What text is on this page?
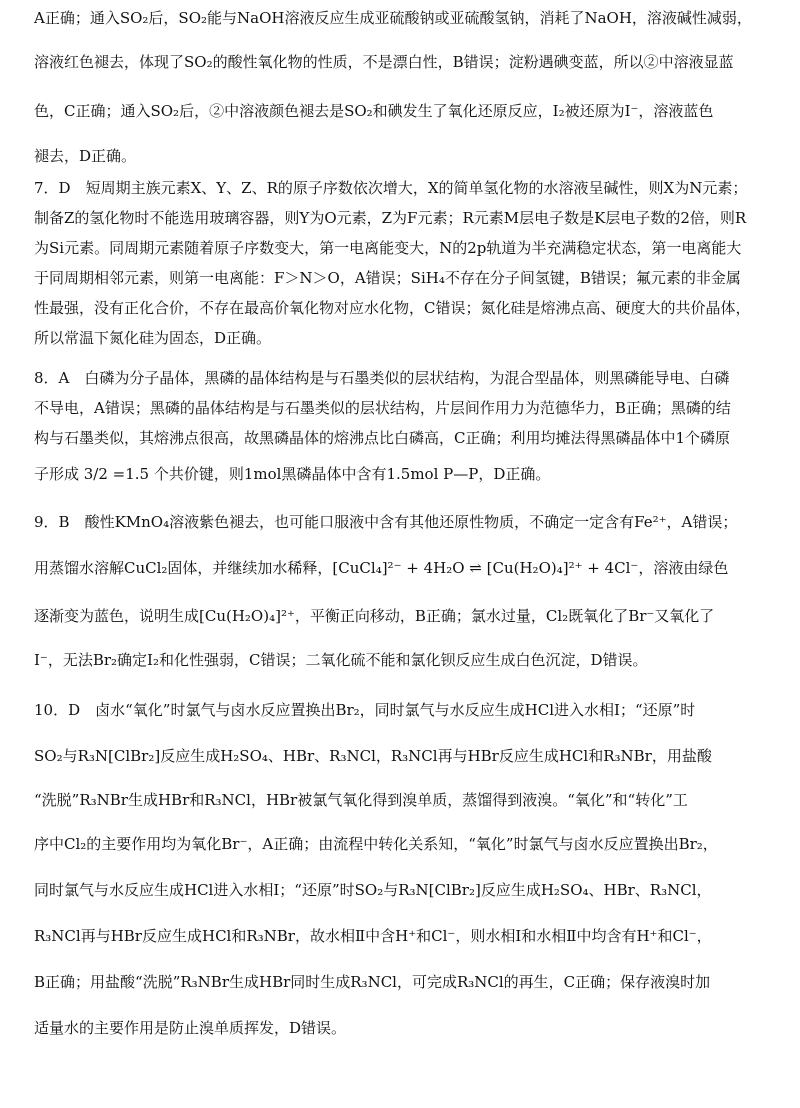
A正确；通入SO₂后，SO₂能与NaOH溶液反应生成亚硫酸钠或亚硫酸氢钠，消耗了NaOH，溶液碱性减弱，
溶液红色褪去，体现了SO₂的酸性氧化物的性质，不是漂白性，B错误；淀粉遇碘变蓝，所以②中溶液显蓝
色，C正确；通入SO₂后，②中溶液颜色褪去是SO₂和碘发生了氧化还原反应，I₂被还原为I⁻，溶液蓝色
褪去，D正确。
7．D　短周期主族元素X、Y、Z、R的原子序数依次增大，X的简单氢化物的水溶液呈碱性，则X为N元素；
制备Z的氢化物时不能选用玻璃容器，则Y为O元素，Z为F元素；R元素M层电子数是K层电子数的2倍，则R
为Si元素。同周期元素随着原子序数变大，第一电离能变大，N的2p轨道为半充满稳定状态，第一电离能大
于同周期相邻元素，则第一电离能：F＞N＞O，A错误；SiH₄不存在分子间氢键，B错误；氟元素的非金属
性最强，没有正化合价，不存在最高价氧化物对应水化物，C错误；氮化硅是熔沸点高、硬度大的共价晶体，
所以常温下氮化硅为固态，D正确。
8．A　白磷为分子晶体，黑磷的晶体结构是与石墨类似的层状结构，为混合型晶体，则黑磷能导电、白磷
不导电，A错误；黑磷的晶体结构是与石墨类似的层状结构，片层间作用力为范德华力，B正确；黑磷的结
构与石墨类似，其熔沸点很高，故黑磷晶体的熔沸点比白磷高，C正确；利用均摊法得黑磷晶体中1个磷原
子形成 3/2 =1.5 个共价键，则1mol黑磷晶体中含有1.5mol P—P，D正确。
9．B　酸性KMnO₄溶液紫色褪去，也可能口服液中含有其他还原性物质，不确定一定含有Fe²⁺，A错误；
用蒸馏水溶解CuCl₂固体，并继续加水稀释，[CuCl₄]²⁻ + 4H₂O ⇌ [Cu(H₂O)₄]²⁺ + 4Cl⁻，溶液由绿色
逐渐变为蓝色，说明生成[Cu(H₂O)₄]²⁺，平衡正向移动，B正确；氯水过量，Cl₂既氧化了Br⁻又氧化了
I⁻，无法Br₂确定I₂和化性强弱，C错误；二氧化硫不能和氯化钡反应生成白色沉淀，D错误。
10．D　卤水“氧化”时氯气与卤水反应置换出Br₂，同时氯气与水反应生成HCl进入水相Ⅰ；“还原”时
SO₂与R₃N[ClBr₂]反应生成H₂SO₄、HBr、R₃NCl，R₃NCl再与HBr反应生成HCl和R₃NBr，用盐酸
“洗脱”R₃NBr生成HBr和R₃NCl，HBr被氯气氧化得到溴单质，蒸馏得到液溴。“氧化”和“转化”工
序中Cl₂的主要作用均为氧化Br⁻，A正确；由流程中转化关系知，“氧化”时氯气与卤水反应置换出Br₂，
同时氯气与水反应生成HCl进入水相Ⅰ；“还原”时SO₂与R₃N[ClBr₂]反应生成H₂SO₄、HBr、R₃NCl，
R₃NCl再与HBr反应生成HCl和R₃NBr，故水相Ⅱ中含H⁺和Cl⁻，则水相Ⅰ和水相Ⅱ中均含有H⁺和Cl⁻，
B正确；用盐酸“洗脱”R₃NBr生成HBr同时生成R₃NCl，可完成R₃NCl的再生，C正确；保存液溴时加
适量水的主要作用是防止溴单质挥发，D错误。
